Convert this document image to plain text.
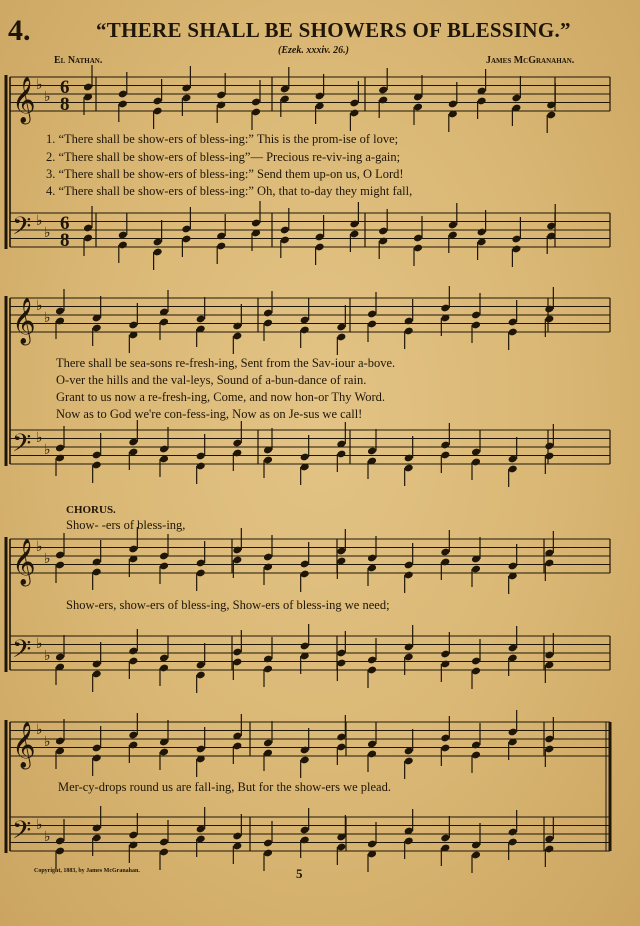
4.	“THERE SHALL BE SHOWERS OF BLESSING.”
(Ezek. xxxiv. 26.)
El Nathan.	James McGranahan.
𝄞 ♭
♭ 6
8
𝄢 ♭
♭ 6
8
𝄞 ♭
♭
𝄢 ♭
♭
𝄞 ♭
♭
𝄢 ♭
♭
𝄞 ♭
♭
𝄢 ♭
♭
1. “There shall be show-ers of bless-ing:” This is the prom-ise of love;
2. “There shall be show-ers of bless-ing”— Precious re-viv-ing a-gain;
3. “There shall be show-ers of bless-ing:” Send them up-on us, O Lord!
4. “There shall be show-ers of bless-ing:” Oh, that to-day they might fall,
There shall be sea-sons re-fresh-ing, Sent from the Sav-iour a-bove.
O-ver the hills and the val-leys, Sound of a-bun-dance of rain.
Grant to us now a re-fresh-ing, Come, and now hon-or Thy Word.
Now as to God we're con-fess-ing, Now as on Je-sus we call!
CHORUS.
Show- -ers of bless-ing,
Show-ers, show-ers of bless-ing, Show-ers of bless-ing we need;
Mer-cy-drops round us are fall-ing, But for the show-ers we plead.
Copyright, 1883, by James McGranahan.	5
